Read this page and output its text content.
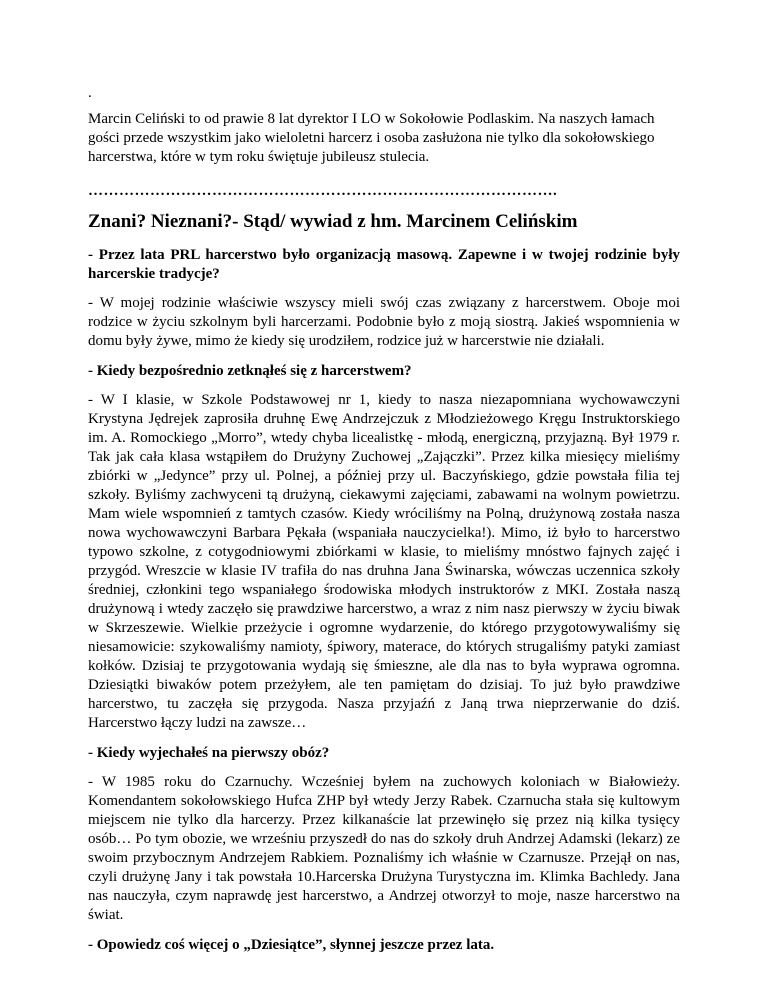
.

Marcin Celiński to od prawie 8 lat dyrektor I LO w Sokołowie Podlaskim. Na naszych łamach gości przede wszystkim jako wieloletni harcerz i osoba zasłużona nie tylko dla sokołowskiego harcerstwa, które w tym roku świętuje jubileusz stulecia.

……………………………………………………………………………….
Znani? Nieznani?- Stąd/ wywiad z hm. Marcinem Celińskim

- Przez lata PRL harcerstwo było organizacją masową. Zapewne i w twojej rodzinie były harcerskie tradycje?

- W mojej rodzinie właściwie wszyscy mieli swój czas związany z harcerstwem. Oboje moi rodzice w życiu szkolnym byli harcerzami. Podobnie było z moją siostrą. Jakieś wspomnienia w domu były żywe, mimo że kiedy się urodziłem, rodzice już w harcerstwie nie działali.

- Kiedy bezpośrednio zetknąłeś się z harcerstwem?

- W I klasie, w Szkole Podstawowej nr 1, kiedy to nasza niezapomniana wychowawczyni Krystyna Jędrejek zaprosiła druhnę Ewę Andrzejczuk z Młodzieżowego Kręgu Instruktorskiego im. A. Romockiego „Morro”, wtedy chyba licealistkę - młodą, energiczną, przyjazną. Był 1979 r. Tak jak cała klasa wstąpiłem do Drużyny Zuchowej „Zajączki”. Przez kilka miesięcy mieliśmy zbiórki w „Jedynce” przy ul. Polnej, a później przy ul. Baczyńskiego, gdzie powstała filia tej szkoły. Byliśmy zachwyceni tą drużyną, ciekawymi zajęciami, zabawami na wolnym powietrzu. Mam wiele wspomnień z tamtych czasów. Kiedy wróciliśmy na Polną, drużynową została nasza nowa wychowawczyni Barbara Pękała (wspaniała nauczycielka!). Mimo, iż było to harcerstwo typowo szkolne, z cotygodniowymi zbiórkami w klasie, to mieliśmy mnóstwo fajnych zajęć i przygód. Wreszcie w klasie IV trafiła do nas druhna Jana Świnarska, wówczas uczennica szkoły średniej, członkini tego wspaniałego środowiska młodych instruktorów z MKI. Została naszą drużynową i wtedy zaczęło się prawdziwe harcerstwo, a wraz z nim nasz pierwszy w życiu biwak w Skrzeszewie. Wielkie przeżycie i ogromne wydarzenie, do którego przygotowywaliśmy się niesamowicie: szykowaliśmy namioty, śpiwory, materace, do których strugaliśmy patyki zamiast kołków. Dzisiaj te przygotowania wydają się śmieszne, ale dla nas to była wyprawa ogromna. Dziesiątki biwaków potem przeżyłem, ale ten pamiętam do dzisiaj. To już było prawdziwe harcerstwo, tu zaczęła się przygoda. Nasza przyjaźń z Janą trwa nieprzerwanie do dziś. Harcerstwo łączy ludzi na zawsze…

- Kiedy wyjechałeś na pierwszy obóz?

- W 1985 roku do Czarnuchy. Wcześniej byłem na zuchowych koloniach w Białowieży. Komendantem sokołowskiego Hufca ZHP był wtedy Jerzy Rabek. Czarnucha stała się kultowym miejscem nie tylko dla harcerzy. Przez kilkanaście lat przewinęło się przez nią kilka tysięcy osób… Po tym obozie, we wrześniu przyszedł do nas do szkoły druh Andrzej Adamski (lekarz) ze swoim przybocznym Andrzejem Rabkiem. Poznaliśmy ich właśnie w Czarnusze. Przejął on nas, czyli drużynę Jany i tak powstała 10.Harcerska Drużyna Turystyczna im. Klimka Bachledy. Jana nas nauczyła, czym naprawdę jest harcerstwo, a Andrzej otworzył to moje, nasze harcerstwo na świat.

- Opowiedz coś więcej o „Dziesiątce”, słynnej jeszcze przez lata.
